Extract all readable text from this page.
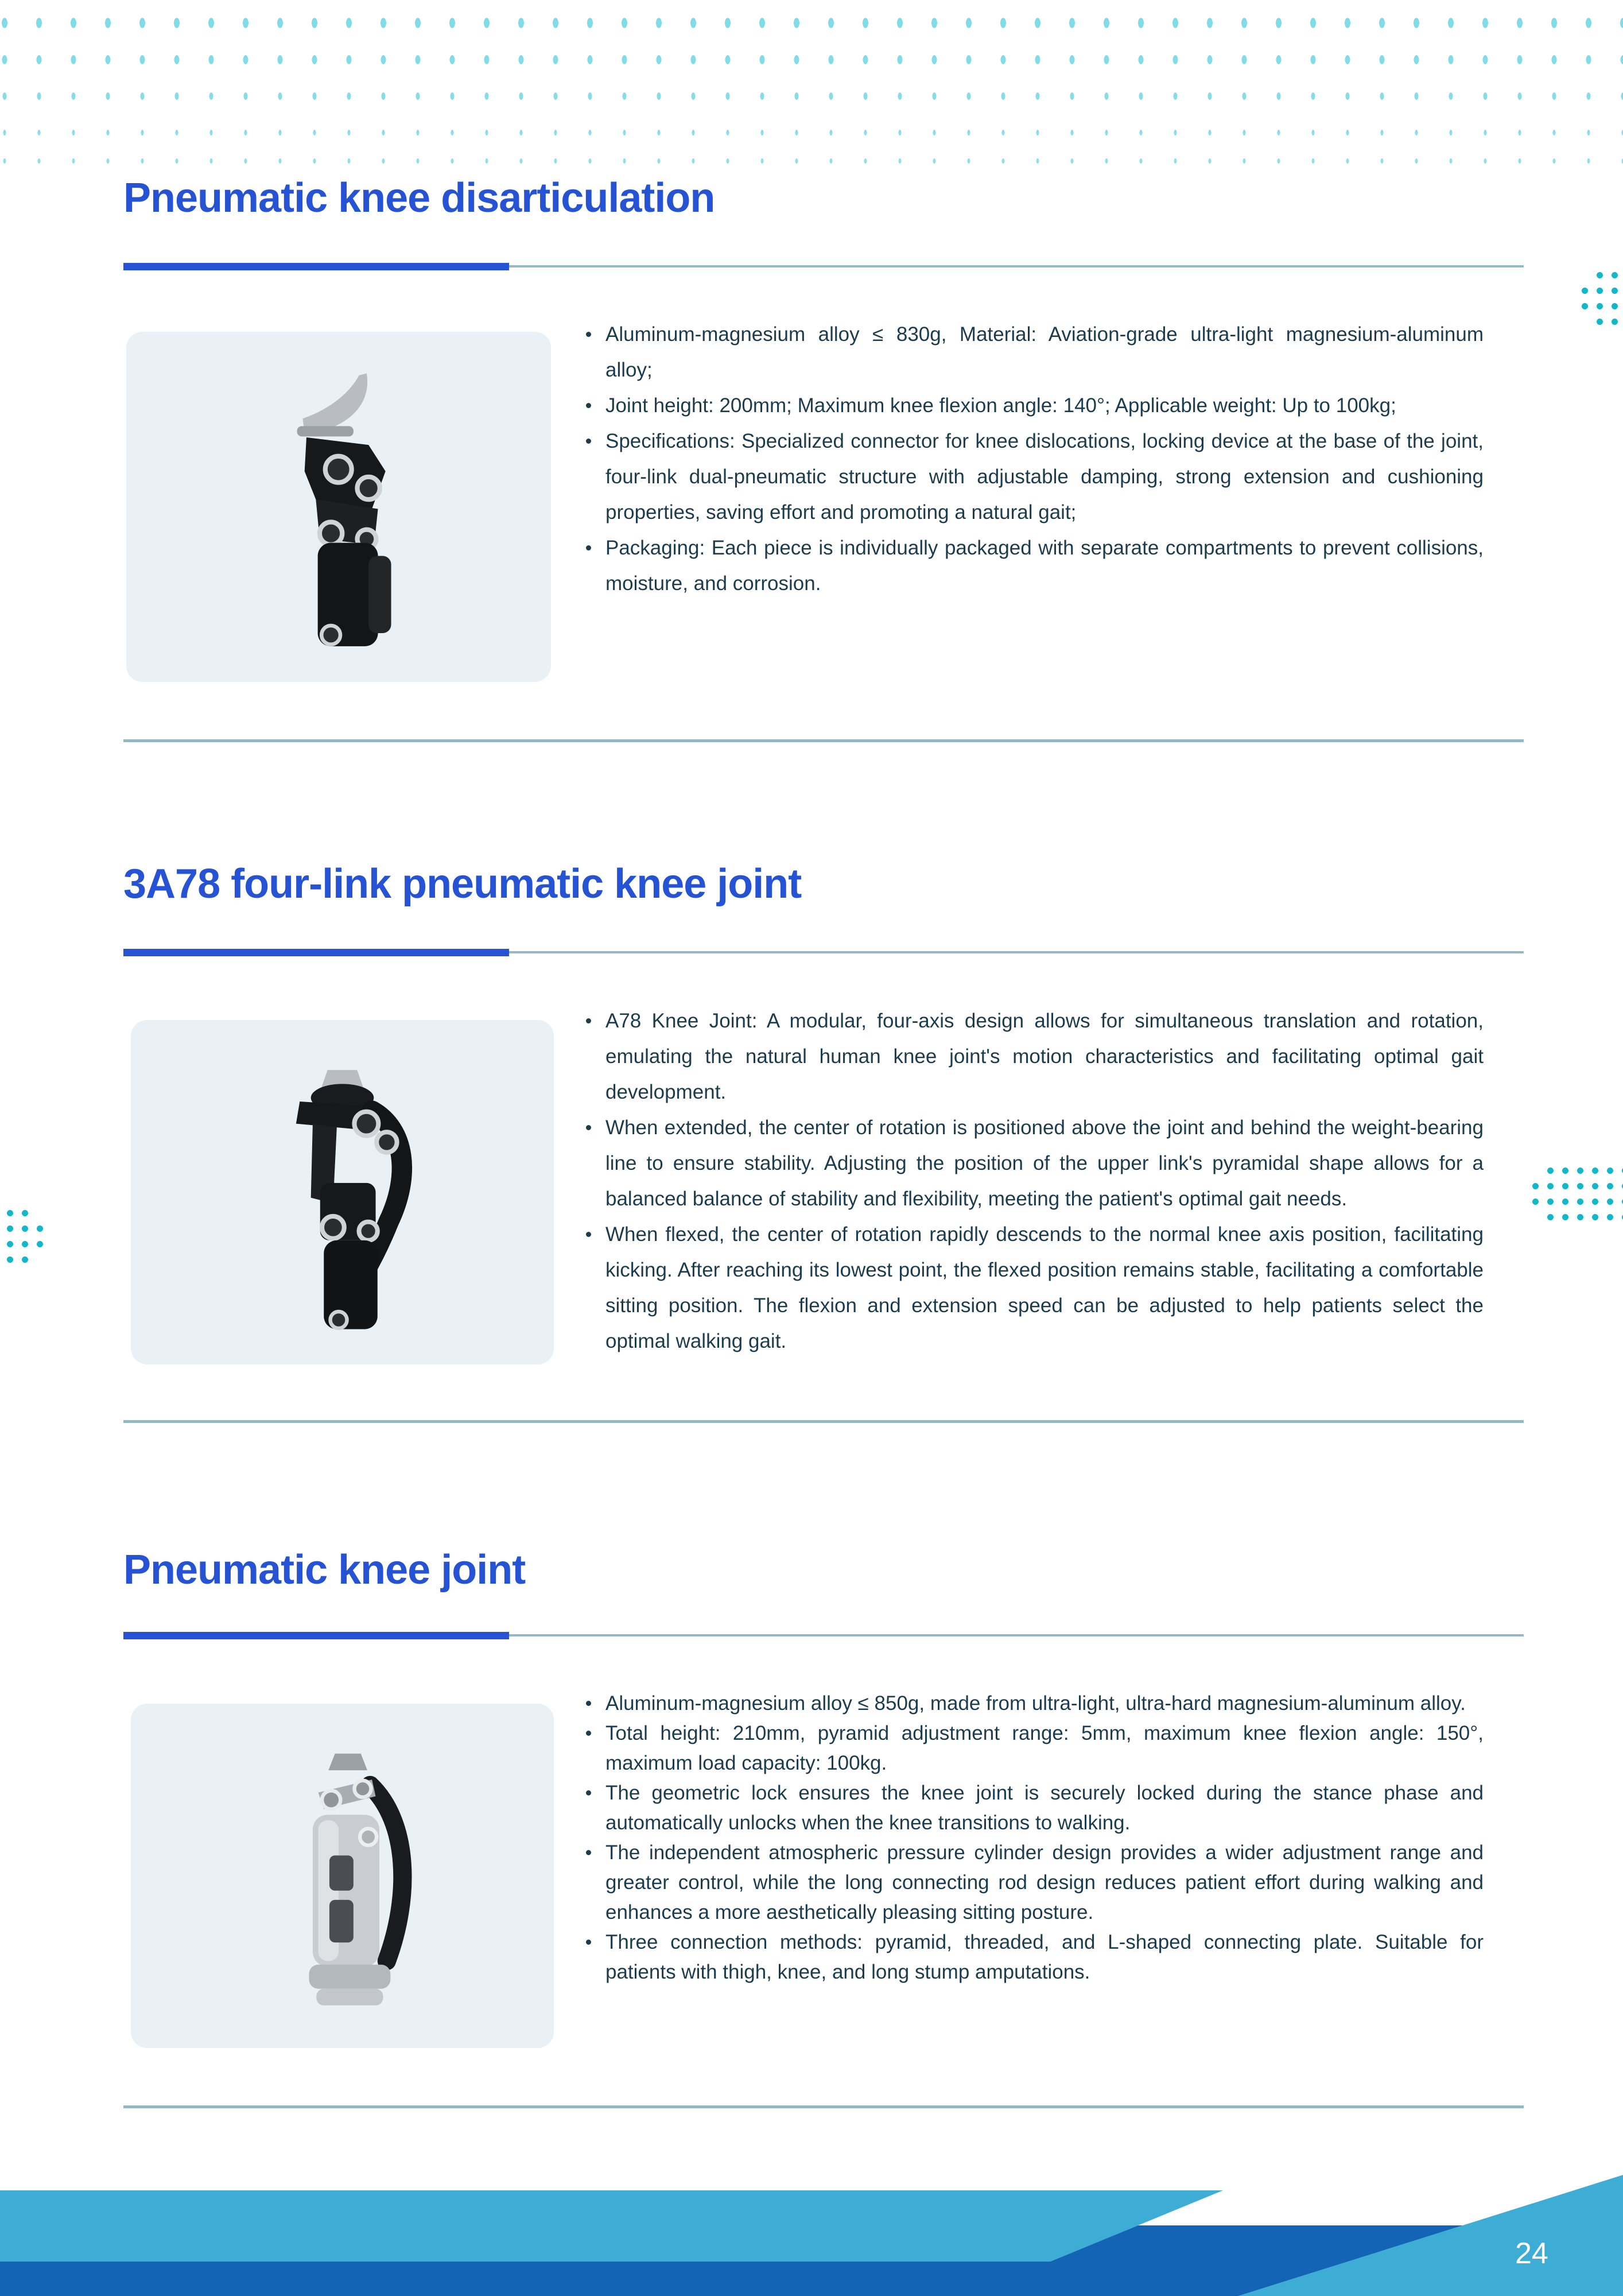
Pneumatic knee disarticulation
Aluminum-magnesium alloy ≤ 830g, Material: Aviation-grade ultra-light magnesium-aluminum alloy;
Joint height: 200mm; Maximum knee flexion angle: 140°; Applicable weight: Up to 100kg;
Specifications: Specialized connector for knee dislocations, locking device at the base of the joint, four-link dual-pneumatic structure with adjustable damping, strong extension and cushioning properties, saving effort and promoting a natural gait;
Packaging: Each piece is individually packaged with separate compartments to prevent collisions, moisture, and corrosion.
3A78 four-link pneumatic knee joint
A78 Knee Joint: A modular, four-axis design allows for simultaneous translation and rotation, emulating the natural human knee joint's motion characteristics and facilitating optimal gait development.
When extended, the center of rotation is positioned above the joint and behind the weight-bearing line to ensure stability. Adjusting the position of the upper link's pyramidal shape allows for a balanced balance of stability and flexibility, meeting the patient's optimal gait needs.
When flexed, the center of rotation rapidly descends to the normal knee axis position, facilitating kicking. After reaching its lowest point, the flexed position remains stable, facilitating a comfortable sitting position. The flexion and extension speed can be adjusted to help patients select the optimal walking gait.
Pneumatic knee joint
Aluminum-magnesium alloy ≤ 850g, made from ultra-light, ultra-hard magnesium-aluminum alloy.
Total height: 210mm, pyramid adjustment range: 5mm, maximum knee flexion angle: 150°, maximum load capacity: 100kg.
The geometric lock ensures the knee joint is securely locked during the stance phase and automatically unlocks when the knee transitions to walking.
The independent atmospheric pressure cylinder design provides a wider adjustment range and greater control, while the long connecting rod design reduces patient effort during walking and enhances a more aesthetically pleasing sitting posture.
Three connection methods: pyramid, threaded, and L-shaped connecting plate. Suitable for patients with thigh, knee, and long stump amputations.
24
